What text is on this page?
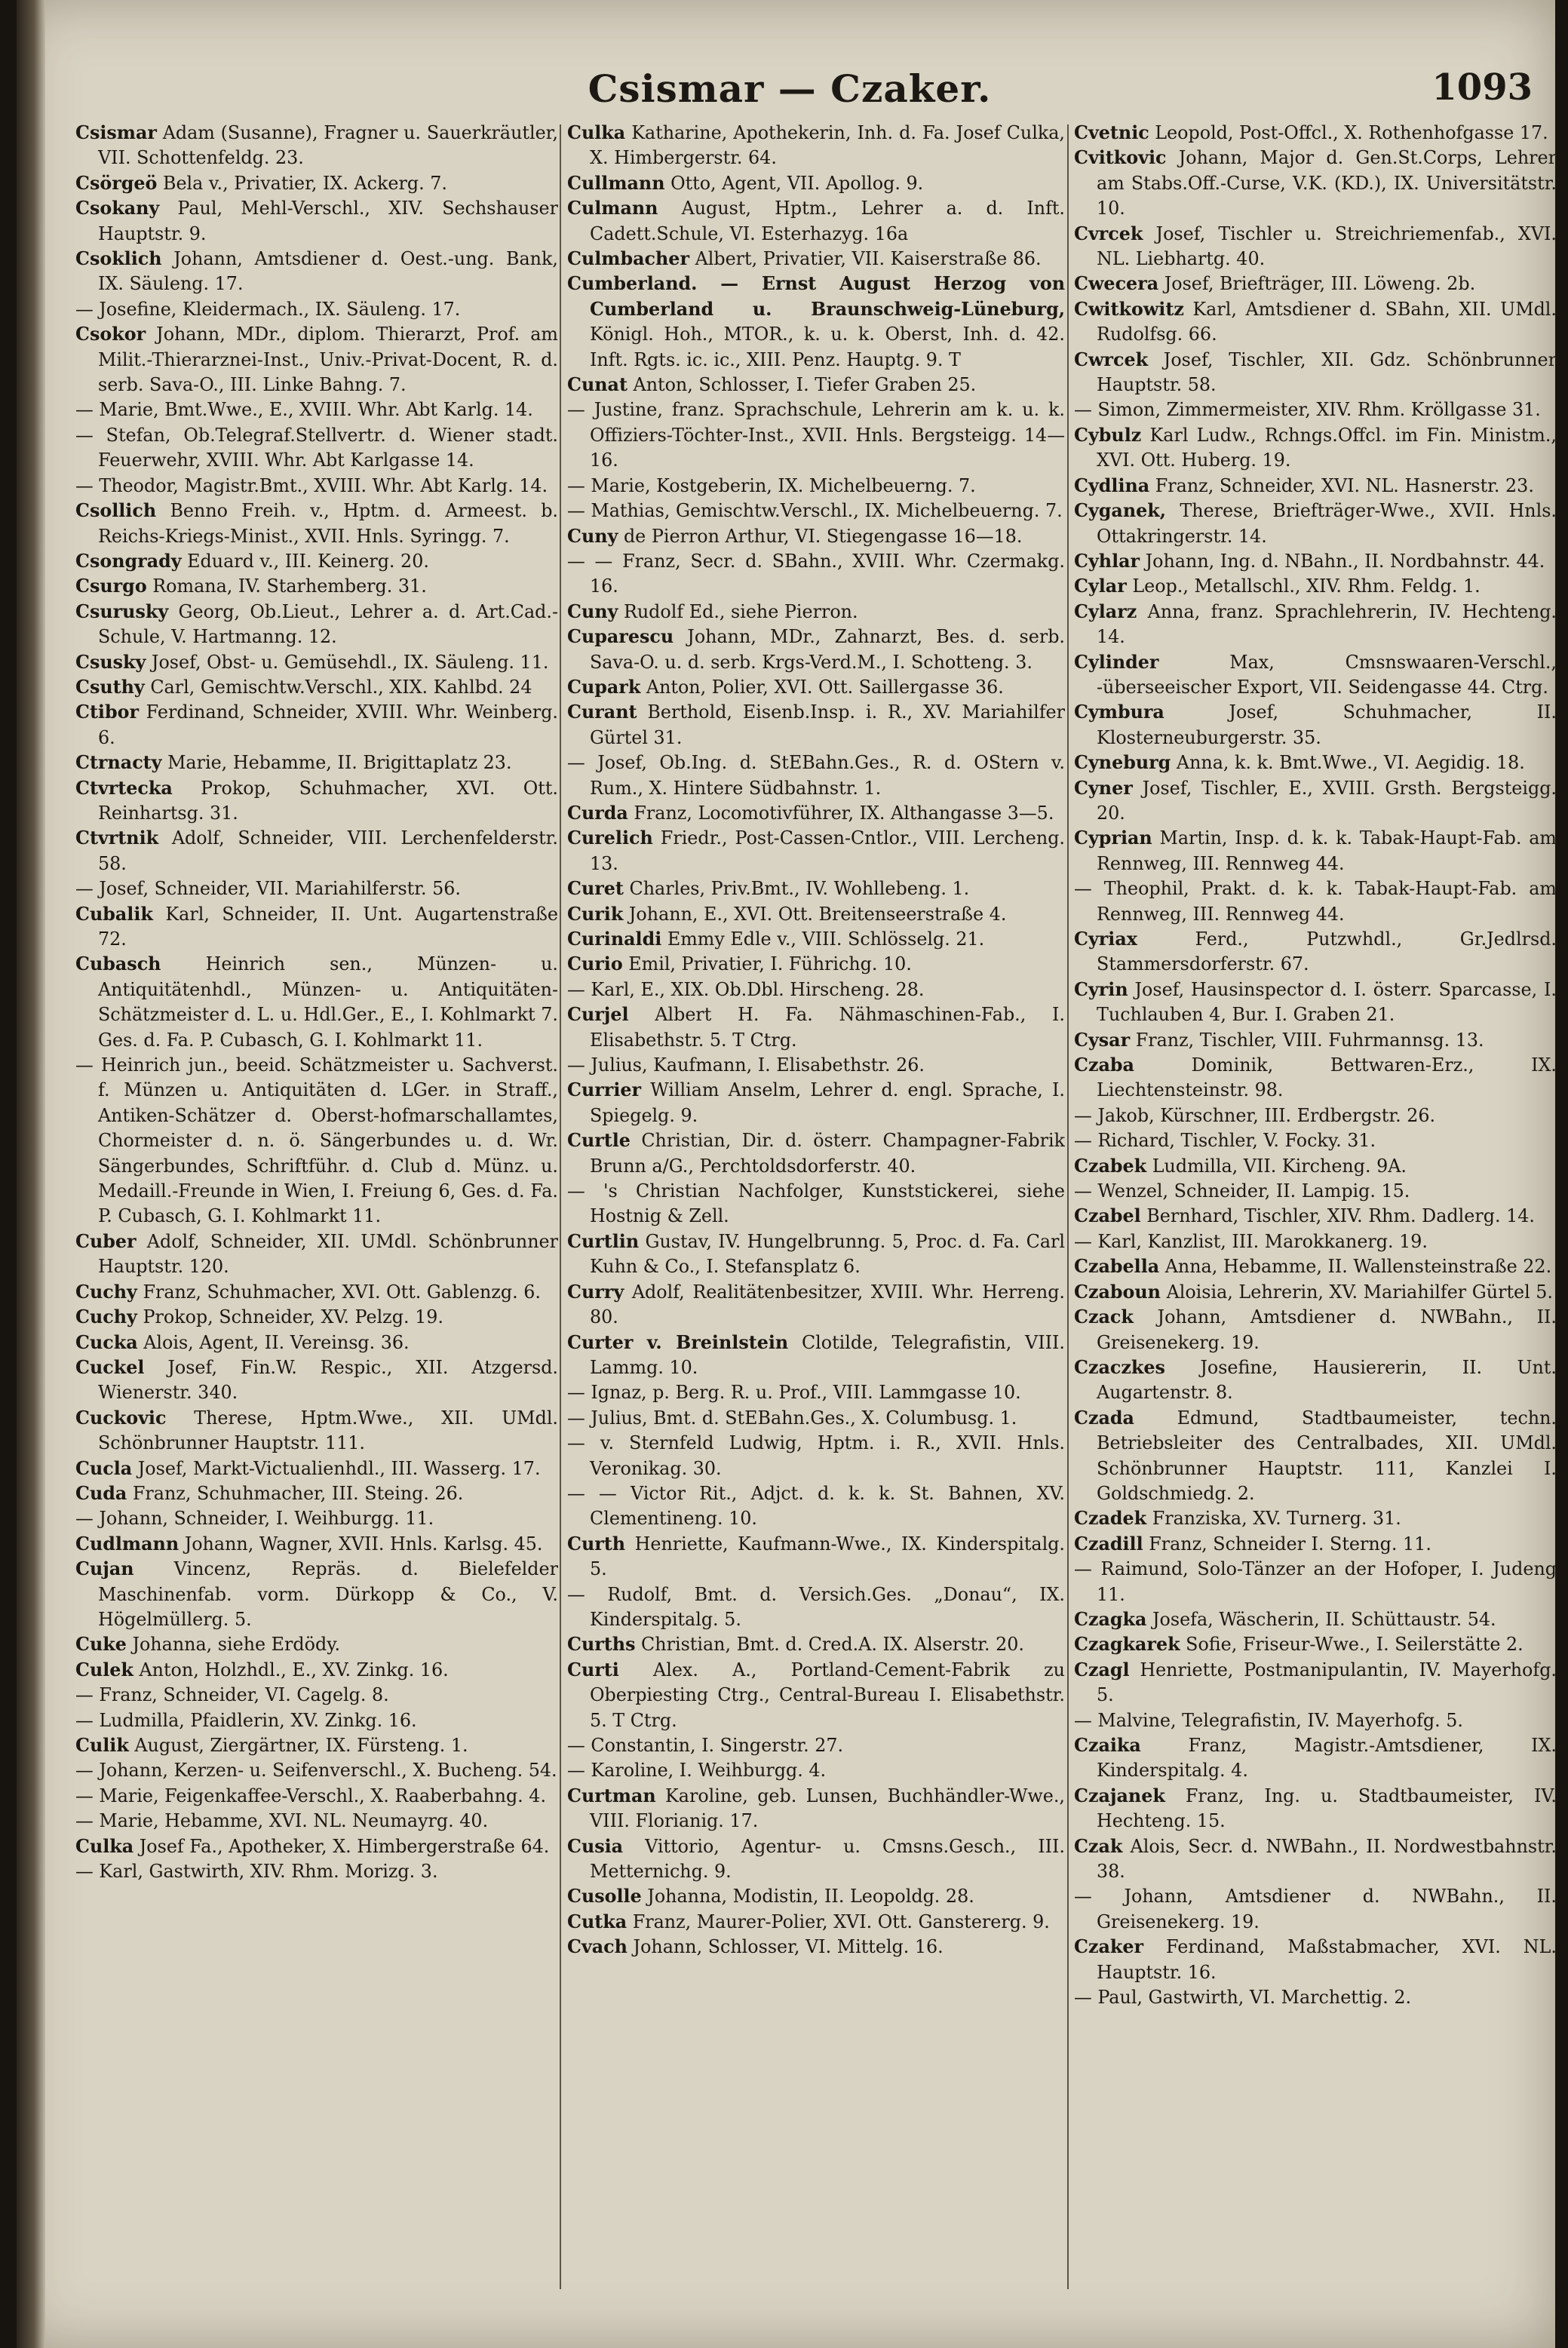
Csismar — Czaker.	1093

Csismar Adam (Susanne), Fragner u. Sauerkräutler, VII. Schottenfeldg. 23.

Csörgeö Bela v., Privatier, IX. Ackerg. 7.

Csokany Paul, Mehl-Verschl., XIV. Sechshauser Hauptstr. 9.

Csoklich Johann, Amtsdiener d. Oest.-ung. Bank, IX. Säuleng. 17.

— Josefine, Kleidermach., IX. Säuleng. 17.

Csokor Johann, MDr., diplom. Thierarzt, Prof. am Milit.-Thierarznei-Inst., Univ.-Privat-Docent, R. d. serb. Sava-O., III. Linke Bahng. 7.

— Marie, Bmt.Wwe., E., XVIII. Whr. Abt Karlg. 14.

— Stefan, Ob.Telegraf.Stellvertr. d. Wiener stadt. Feuerwehr, XVIII. Whr. Abt Karlgasse 14.

— Theodor, Magistr.Bmt., XVIII. Whr. Abt Karlg. 14.

Csollich Benno Freih. v., Hptm. d. Armeest. b. Reichs-Kriegs-Minist., XVII. Hnls. Syringg. 7.

Csongrady Eduard v., III. Keinerg. 20.

Csurgo Romana, IV. Starhemberg. 31.

Csurusky Georg, Ob.Lieut., Lehrer a. d. Art.Cad.-Schule, V. Hartmanng. 12.

Csusky Josef, Obst- u. Gemüsehdl., IX. Säuleng. 11.

Csuthy Carl, Gemischtw.Verschl., XIX. Kahlbd. 24

Ctibor Ferdinand, Schneider, XVIII. Whr. Weinberg. 6.

Ctrnacty Marie, Hebamme, II. Brigittaplatz 23.

Ctvrtecka Prokop, Schuhmacher, XVI. Ott. Reinhartsg. 31.

Ctvrtnik Adolf, Schneider, VIII. Lerchenfelderstr. 58.

— Josef, Schneider, VII. Mariahilferstr. 56.

Cubalik Karl, Schneider, II. Unt. Augartenstraße 72.

Cubasch Heinrich sen., Münzen- u. Antiquitätenhdl., Münzen- u. Antiquitäten-Schätzmeister d. L. u. Hdl.Ger., E., I. Kohlmarkt 7. Ges. d. Fa. P. Cubasch, G. I. Kohlmarkt 11.

— Heinrich jun., beeid. Schätzmeister u. Sachverst. f. Münzen u. Antiquitäten d. LGer. in Straff., Antiken-Schätzer d. Oberst-hofmarschallamtes, Chormeister d. n. ö. Sängerbundes u. d. Wr. Sängerbundes, Schriftführ. d. Club d. Münz. u. Medaill.-Freunde in Wien, I. Freiung 6, Ges. d. Fa. P. Cubasch, G. I. Kohlmarkt 11.

Cuber Adolf, Schneider, XII. UMdl. Schönbrunner Hauptstr. 120.

Cuchy Franz, Schuhmacher, XVI. Ott. Gablenzg. 6.

Cuchy Prokop, Schneider, XV. Pelzg. 19.

Cucka Alois, Agent, II. Vereinsg. 36.

Cuckel Josef, Fin.W. Respic., XII. Atzgersd. Wienerstr. 340.

Cuckovic Therese, Hptm.Wwe., XII. UMdl. Schönbrunner Hauptstr. 111.

Cucla Josef, Markt-Victualienhdl., III. Wasserg. 17.

Cuda Franz, Schuhmacher, III. Steing. 26.

— Johann, Schneider, I. Weihburgg. 11.

Cudlmann Johann, Wagner, XVII. Hnls. Karlsg. 45.

Cujan Vincenz, Repräs. d. Bielefelder Maschinenfab. vorm. Dürkopp & Co., V. Högelmüllerg. 5.

Cuke Johanna, siehe Erdödy.

Culek Anton, Holzhdl., E., XV. Zinkg. 16.

— Franz, Schneider, VI. Cagelg. 8.

— Ludmilla, Pfaidlerin, XV. Zinkg. 16.

Culik August, Ziergärtner, IX. Fürsteng. 1.

— Johann, Kerzen- u. Seifenverschl., X. Bucheng. 54.

— Marie, Feigenkaffee-Verschl., X. Raaberbahng. 4.

— Marie, Hebamme, XVI. NL. Neumayrg. 40.

Culka Josef Fa., Apotheker, X. Himbergerstraße 64.

— Karl, Gastwirth, XIV. Rhm. Morizg. 3.

Culka Katharine, Apothekerin, Inh. d. Fa. Josef Culka, X. Himbergerstr. 64.

Cullmann Otto, Agent, VII. Apollog. 9.

Culmann August, Hptm., Lehrer a. d. Inft. Cadett.Schule, VI. Esterhazyg. 16a

Culmbacher Albert, Privatier, VII. Kaiserstraße 86.

Cumberland. — Ernst August Herzog von Cumberland u. Braunschweig-Lüneburg, Königl. Hoh., MTOR., k. u. k. Oberst, Inh. d. 42. Inft. Rgts. ic. ic., XIII. Penz. Hauptg. 9. T

Cunat Anton, Schlosser, I. Tiefer Graben 25.

— Justine, franz. Sprachschule, Lehrerin am k. u. k. Offiziers-Töchter-Inst., XVII. Hnls. Bergsteigg. 14—16.

— Marie, Kostgeberin, IX. Michelbeuerng. 7.

— Mathias, Gemischtw.Verschl., IX. Michelbeuerng. 7.

Cuny de Pierron Arthur, VI. Stiegengasse 16—18.

— — Franz, Secr. d. SBahn., XVIII. Whr. Czermakg. 16.

Cuny Rudolf Ed., siehe Pierron.

Cuparescu Johann, MDr., Zahnarzt, Bes. d. serb. Sava-O. u. d. serb. Krgs-Verd.M., I. Schotteng. 3.

Cupark Anton, Polier, XVI. Ott. Saillergasse 36.

Curant Berthold, Eisenb.Insp. i. R., XV. Mariahilfer Gürtel 31.

— Josef, Ob.Ing. d. StEBahn.Ges., R. d. OStern v. Rum., X. Hintere Südbahnstr. 1.

Curda Franz, Locomotivführer, IX. Althangasse 3—5.

Curelich Friedr., Post-Cassen-Cntlor., VIII. Lercheng. 13.

Curet Charles, Priv.Bmt., IV. Wohllebeng. 1.

Curik Johann, E., XVI. Ott. Breitenseerstraße 4.

Curinaldi Emmy Edle v., VIII. Schlösselg. 21.

Curio Emil, Privatier, I. Führichg. 10.

— Karl, E., XIX. Ob.Dbl. Hirscheng. 28.

Curjel Albert H. Fa. Nähmaschinen-Fab., I. Elisabethstr. 5. T Ctrg.

— Julius, Kaufmann, I. Elisabethstr. 26.

Currier William Anselm, Lehrer d. engl. Sprache, I. Spiegelg. 9.

Curtle Christian, Dir. d. österr. Champagner-Fabrik Brunn a/G., Perchtoldsdorferstr. 40.

— 's Christian Nachfolger, Kunststickerei, siehe Hostnig & Zell.

Curtlin Gustav, IV. Hungelbrunng. 5, Proc. d. Fa. Carl Kuhn & Co., I. Stefansplatz 6.

Curry Adolf, Realitätenbesitzer, XVIII. Whr. Herreng. 80.

Curter v. Breinlstein Clotilde, Telegrafistin, VIII. Lammg. 10.

— Ignaz, p. Berg. R. u. Prof., VIII. Lammgasse 10.

— Julius, Bmt. d. StEBahn.Ges., X. Columbusg. 1.

— v. Sternfeld Ludwig, Hptm. i. R., XVII. Hnls. Veronikag. 30.

— — Victor Rit., Adjct. d. k. k. St. Bahnen, XV. Clementineng. 10.

Curth Henriette, Kaufmann-Wwe., IX. Kinderspitalg. 5.

— Rudolf, Bmt. d. Versich.Ges. „Donau“, IX. Kinderspitalg. 5.

Curths Christian, Bmt. d. Cred.A. IX. Alserstr. 20.

Curti Alex. A., Portland-Cement-Fabrik zu Oberpiesting Ctrg., Central-Bureau I. Elisabethstr. 5. T Ctrg.

— Constantin, I. Singerstr. 27.

— Karoline, I. Weihburgg. 4.

Curtman Karoline, geb. Lunsen, Buchhändler-Wwe., VIII. Florianig. 17.

Cusia Vittorio, Agentur- u. Cmsns.Gesch., III. Metternichg. 9.

Cusolle Johanna, Modistin, II. Leopoldg. 28.

Cutka Franz, Maurer-Polier, XVI. Ott. Ganstererg. 9.

Cvach Johann, Schlosser, VI. Mittelg. 16.

Cvetnic Leopold, Post-Offcl., X. Rothenhofgasse 17.

Cvitkovic Johann, Major d. Gen.St.Corps, Lehrer am Stabs.Off.-Curse, V.K. (KD.), IX. Universitätstr. 10.

Cvrcek Josef, Tischler u. Streichriemenfab., XVI. NL. Liebhartg. 40.

Cwecera Josef, Briefträger, III. Löweng. 2b.

Cwitkowitz Karl, Amtsdiener d. SBahn, XII. UMdl. Rudolfsg. 66.

Cwrcek Josef, Tischler, XII. Gdz. Schönbrunner Hauptstr. 58.

— Simon, Zimmermeister, XIV. Rhm. Kröllgasse 31.

Cybulz Karl Ludw., Rchngs.Offcl. im Fin. Ministm., XVI. Ott. Huberg. 19.

Cydlina Franz, Schneider, XVI. NL. Hasnerstr. 23.

Cyganek, Therese, Briefträger-Wwe., XVII. Hnls. Ottakringerstr. 14.

Cyhlar Johann, Ing. d. NBahn., II. Nordbahnstr. 44.

Cylar Leop., Metallschl., XIV. Rhm. Feldg. 1.

Cylarz Anna, franz. Sprachlehrerin, IV. Hechteng. 14.

Cylinder Max, Cmsnswaaren-Verschl., -überseeischer Export, VII. Seidengasse 44. Ctrg.

Cymbura Josef, Schuhmacher, II. Klosterneuburgerstr. 35.

Cyneburg Anna, k. k. Bmt.Wwe., VI. Aegidig. 18.

Cyner Josef, Tischler, E., XVIII. Grsth. Bergsteigg. 20.

Cyprian Martin, Insp. d. k. k. Tabak-Haupt-Fab. am Rennweg, III. Rennweg 44.

— Theophil, Prakt. d. k. k. Tabak-Haupt-Fab. am Rennweg, III. Rennweg 44.

Cyriax Ferd., Putzwhdl., Gr.Jedlrsd. Stammersdorferstr. 67.

Cyrin Josef, Hausinspector d. I. österr. Sparcasse, I. Tuchlauben 4, Bur. I. Graben 21.

Cysar Franz, Tischler, VIII. Fuhrmannsg. 13.

Czaba Dominik, Bettwaren-Erz., IX. Liechtensteinstr. 98.

— Jakob, Kürschner, III. Erdbergstr. 26.

— Richard, Tischler, V. Focky. 31.

Czabek Ludmilla, VII. Kircheng. 9A.

— Wenzel, Schneider, II. Lampig. 15.

Czabel Bernhard, Tischler, XIV. Rhm. Dadlerg. 14.

— Karl, Kanzlist, III. Marokkanerg. 19.

Czabella Anna, Hebamme, II. Wallensteinstraße 22.

Czaboun Aloisia, Lehrerin, XV. Mariahilfer Gürtel 5.

Czack Johann, Amtsdiener d. NWBahn., II. Greisenekerg. 19.

Czaczkes Josefine, Hausiererin, II. Unt. Augartenstr. 8.

Czada Edmund, Stadtbaumeister, techn. Betriebsleiter des Centralbades, XII. UMdl. Schönbrunner Hauptstr. 111, Kanzlei I. Goldschmiedg. 2.

Czadek Franziska, XV. Turnerg. 31.

Czadill Franz, Schneider I. Sterng. 11.

— Raimund, Solo-Tänzer an der Hofoper, I. Judeng 11.

Czagka Josefa, Wäscherin, II. Schüttaustr. 54.

Czagkarek Sofie, Friseur-Wwe., I. Seilerstätte 2.

Czagl Henriette, Postmanipulantin, IV. Mayerhofg. 5.

— Malvine, Telegrafistin, IV. Mayerhofg. 5.

Czaika Franz, Magistr.-Amtsdiener, IX. Kinderspitalg. 4.

Czajanek Franz, Ing. u. Stadtbaumeister, IV. Hechteng. 15.

Czak Alois, Secr. d. NWBahn., II. Nordwestbahnstr. 38.

— Johann, Amtsdiener d. NWBahn., II. Greisenekerg. 19.

Czaker Ferdinand, Maßstabmacher, XVI. NL. Hauptstr. 16.

— Paul, Gastwirth, VI. Marchettig. 2.
